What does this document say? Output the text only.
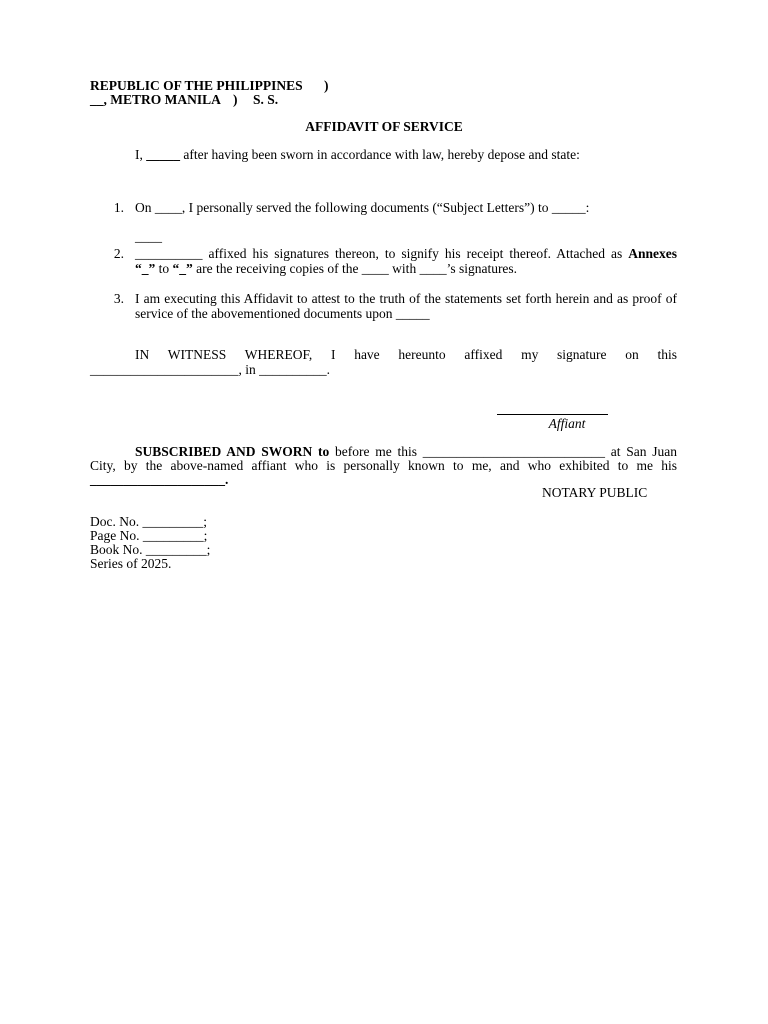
REPUBLIC OF THE PHILIPPINES )
__, METRO MANILA ) S. S.
AFFIDAVIT OF SERVICE
I, _____ after having been sworn in accordance with law, hereby depose and state:
1. On ____, I personally served the following documents (“Subject Letters”) to _____:
____
2. __________ affixed his signatures thereon, to signify his receipt thereof. Attached as Annexes
“_” to “_” are the receiving copies of the ____ with ____’s signatures.
3. I am executing this Affidavit to attest to the truth of the statements set forth herein and as proof of
service of the abovementioned documents upon _____
IN WITNESS WHEREOF, I have hereunto affixed my signature on this
______________________, in __________.
Affiant
SUBSCRIBED AND SWORN to before me this ___________________________ at San Juan
City, by the above-named affiant who is personally known to me, and who exhibited to me his
____________________.
NOTARY PUBLIC
Doc. No. _________;
Page No. _________;
Book No. _________;
Series of 2025.
